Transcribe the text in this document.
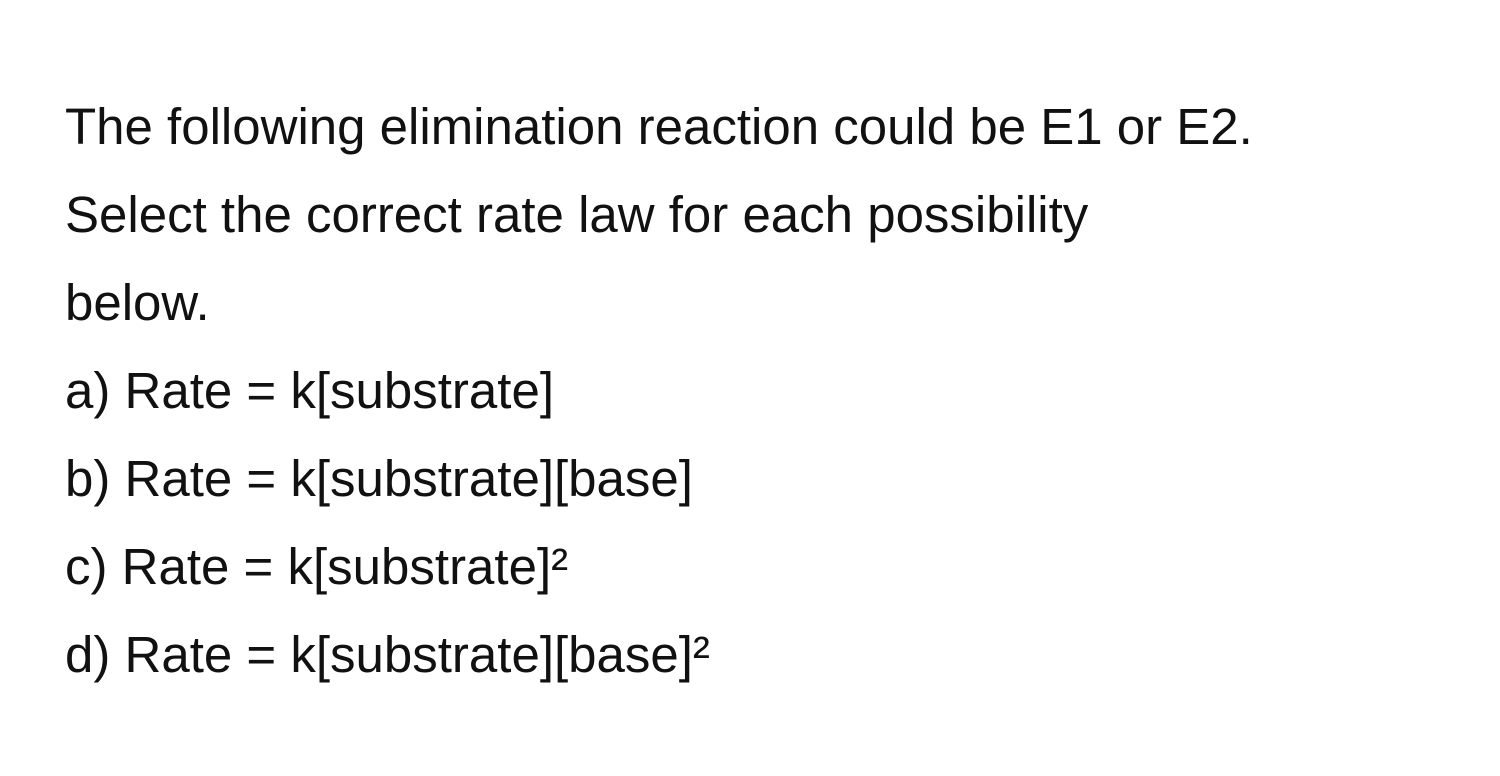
The following elimination reaction could be E1 or E2.
Select the correct rate law for each possibility
below.
a) Rate = k[substrate]
b) Rate = k[substrate][base]
c) Rate = k[substrate]²
d) Rate = k[substrate][base]²
